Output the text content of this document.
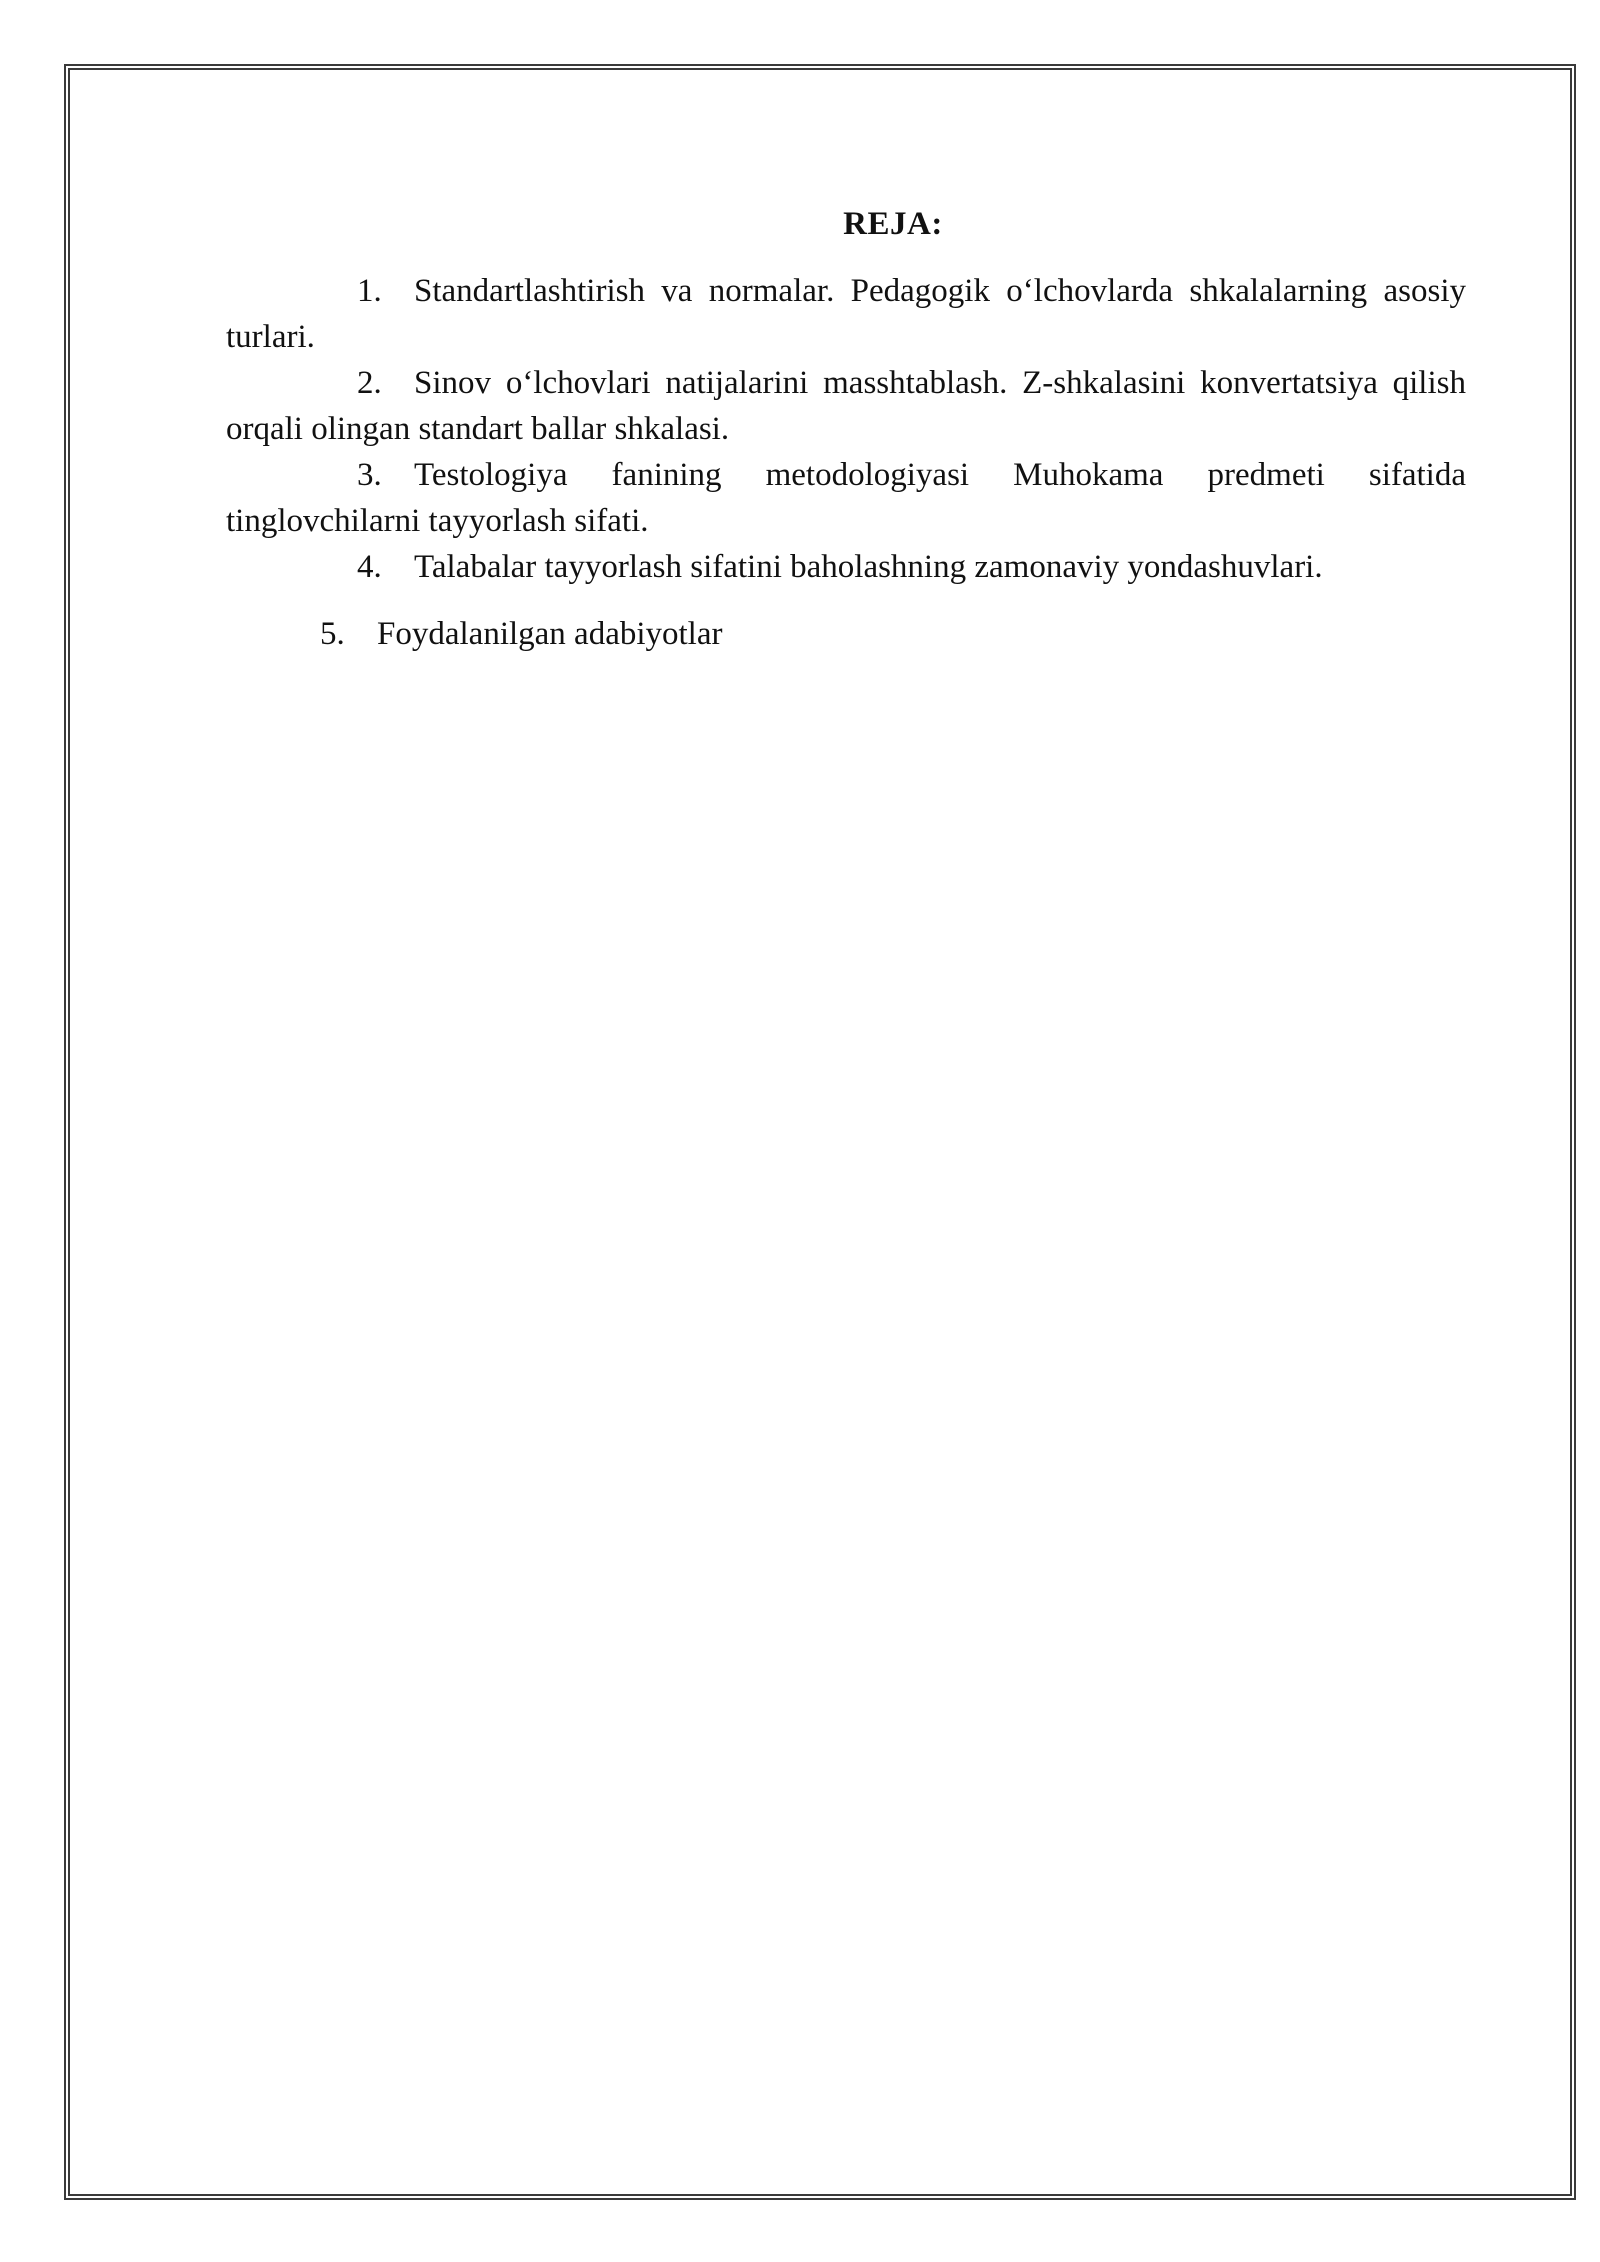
REJA:
1. Standartlashtirish va normalar. Pedagogik o‘lchovlarda shkalalarning asosiy turlari.
2. Sinov o‘lchovlari natijalarini masshtablash. Z-shkalasini konvertatsiya qilish orqali olingan standart ballar shkalasi.
3. Testologiya fanining metodologiyasi Muhokama predmeti sifatida tinglovchilarni tayyorlash sifati.
4. Talabalar tayyorlash sifatini baholashning zamonaviy yondashuvlari.
5. Foydalanilgan adabiyotlar
